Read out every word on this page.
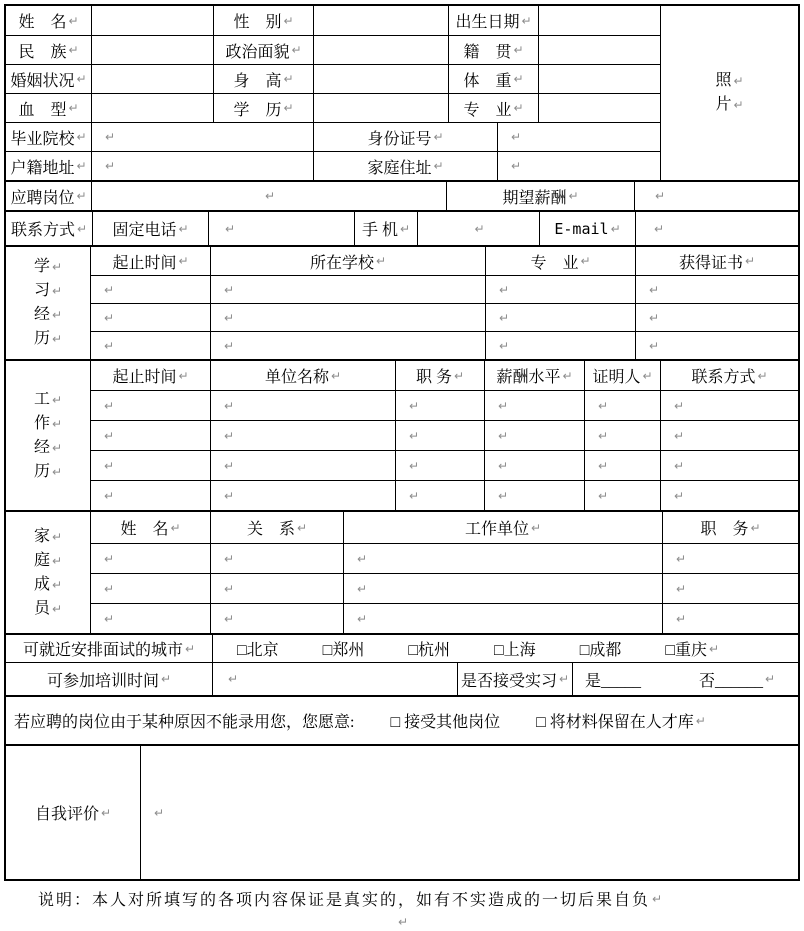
姓　名 ↵	性　别 ↵	出生日期 ↵
民　族 ↵	政治面貌 ↵	籍　贯 ↵
婚姻状况 ↵	身　高 ↵	体　重 ↵
血　型 ↵	学　历 ↵	专　业 ↵
毕业院校 ↵ ↵	身份证号 ↵	↵
户籍地址 ↵ ↵	家庭住址 ↵	↵
照 ↵
片 ↵
应聘岗位 ↵	↵	期望薪酬 ↵	↵
联系方式 ↵ 固定电话 ↵	↵	手 机 ↵	↵	E-mail ↵	↵
学 ↵
习 ↵
经 ↵
历 ↵
起止时间 ↵	所在学校 ↵	专　业 ↵	获得证书 ↵
↵	↵	↵	↵
↵	↵	↵	↵
↵	↵	↵	↵
工 ↵
作 ↵
经 ↵
历 ↵
起止时间 ↵	单位名称 ↵	职 务 ↵ 薪酬水平 ↵ 证明人 ↵ 联系方式 ↵
↵	↵	↵	↵	↵	↵
↵	↵	↵	↵	↵	↵
↵	↵	↵	↵	↵	↵
↵	↵	↵	↵	↵	↵
家 ↵
庭 ↵
成 ↵
员 ↵
姓　名 ↵	关　系 ↵	工作单位 ↵	职　务 ↵
↵	↵	↵	↵
↵	↵	↵	↵
↵	↵	↵	↵
可就近安排面试的城市 ↵	□北京	□郑州	□杭州	□上海	□成都	□重庆 ↵
可参加培训时间 ↵	↵	是否接受实习 ↵ 是_____	否______ ↵
若应聘的岗位由于某种原因不能录用您，您愿意: □ 接受其他岗位 □ 将材料保留在人才库 ↵
自我评价 ↵	↵
说明：本人对所填写的各项内容保证是真实的，如有不实造成的一切后果自负 ↵
↵
